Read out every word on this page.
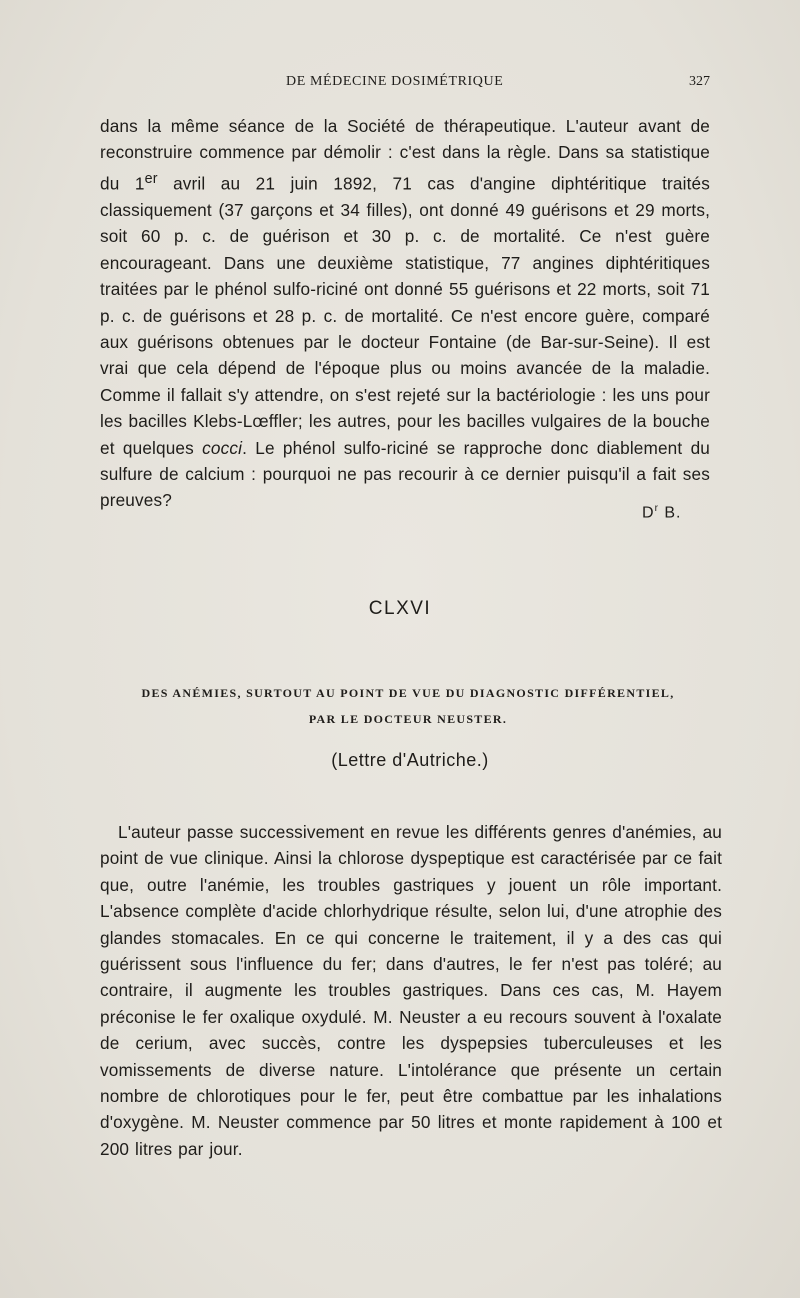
DE MÉDECINE DOSIMÉTRIQUE	327
dans la même séance de la Société de thérapeutique. L'auteur avant de reconstruire commence par démolir : c'est dans la règle. Dans sa statistique du 1er avril au 21 juin 1892, 71 cas d'angine diphtéritique traités classiquement (37 garçons et 34 filles), ont donné 49 guérisons et 29 morts, soit 60 p. c. de guérison et 30 p. c. de mortalité. Ce n'est guère encourageant. Dans une deuxième statistique, 77 angines diphtéritiques traitées par le phénol sulfo-riciné ont donné 55 guérisons et 22 morts, soit 71 p. c. de guérisons et 28 p. c. de mortalité. Ce n'est encore guère, comparé aux guérisons obtenues par le docteur Fontaine (de Bar-sur-Seine). Il est vrai que cela dépend de l'époque plus ou moins avancée de la maladie. Comme il fallait s'y attendre, on s'est rejeté sur la bactériologie : les uns pour les bacilles Klebs-Lœffler; les autres, pour les bacilles vulgaires de la bouche et quelques cocci. Le phénol sulfo-riciné se rapproche donc diablement du sulfure de calcium : pourquoi ne pas recourir à ce dernier puisqu'il a fait ses preuves?
$D^r$ B.
CLXVI
DES ANÉMIES, SURTOUT AU POINT DE VUE DU DIAGNOSTIC DIFFÉRENTIEL,
PAR LE DOCTEUR NEUSTER.
(Lettre d'Autriche.)
L'auteur passe successivement en revue les différents genres d'anémies, au point de vue clinique. Ainsi la chlorose dyspeptique est caractérisée par ce fait que, outre l'anémie, les troubles gastriques y jouent un rôle important. L'absence complète d'acide chlorhydrique résulte, selon lui, d'une atrophie des glandes stomacales. En ce qui concerne le traitement, il y a des cas qui guérissent sous l'influence du fer; dans d'autres, le fer n'est pas toléré; au contraire, il augmente les troubles gastriques. Dans ces cas, M. Hayem préconise le fer oxalique oxydulé. M. Neuster a eu recours souvent à l'oxalate de cerium, avec succès, contre les dyspepsies tuberculeuses et les vomissements de diverse nature. L'intolérance que présente un certain nombre de chlorotiques pour le fer, peut être combattue par les inhalations d'oxygène. M. Neuster commence par 50 litres et monte rapidement à 100 et 200 litres par jour.
